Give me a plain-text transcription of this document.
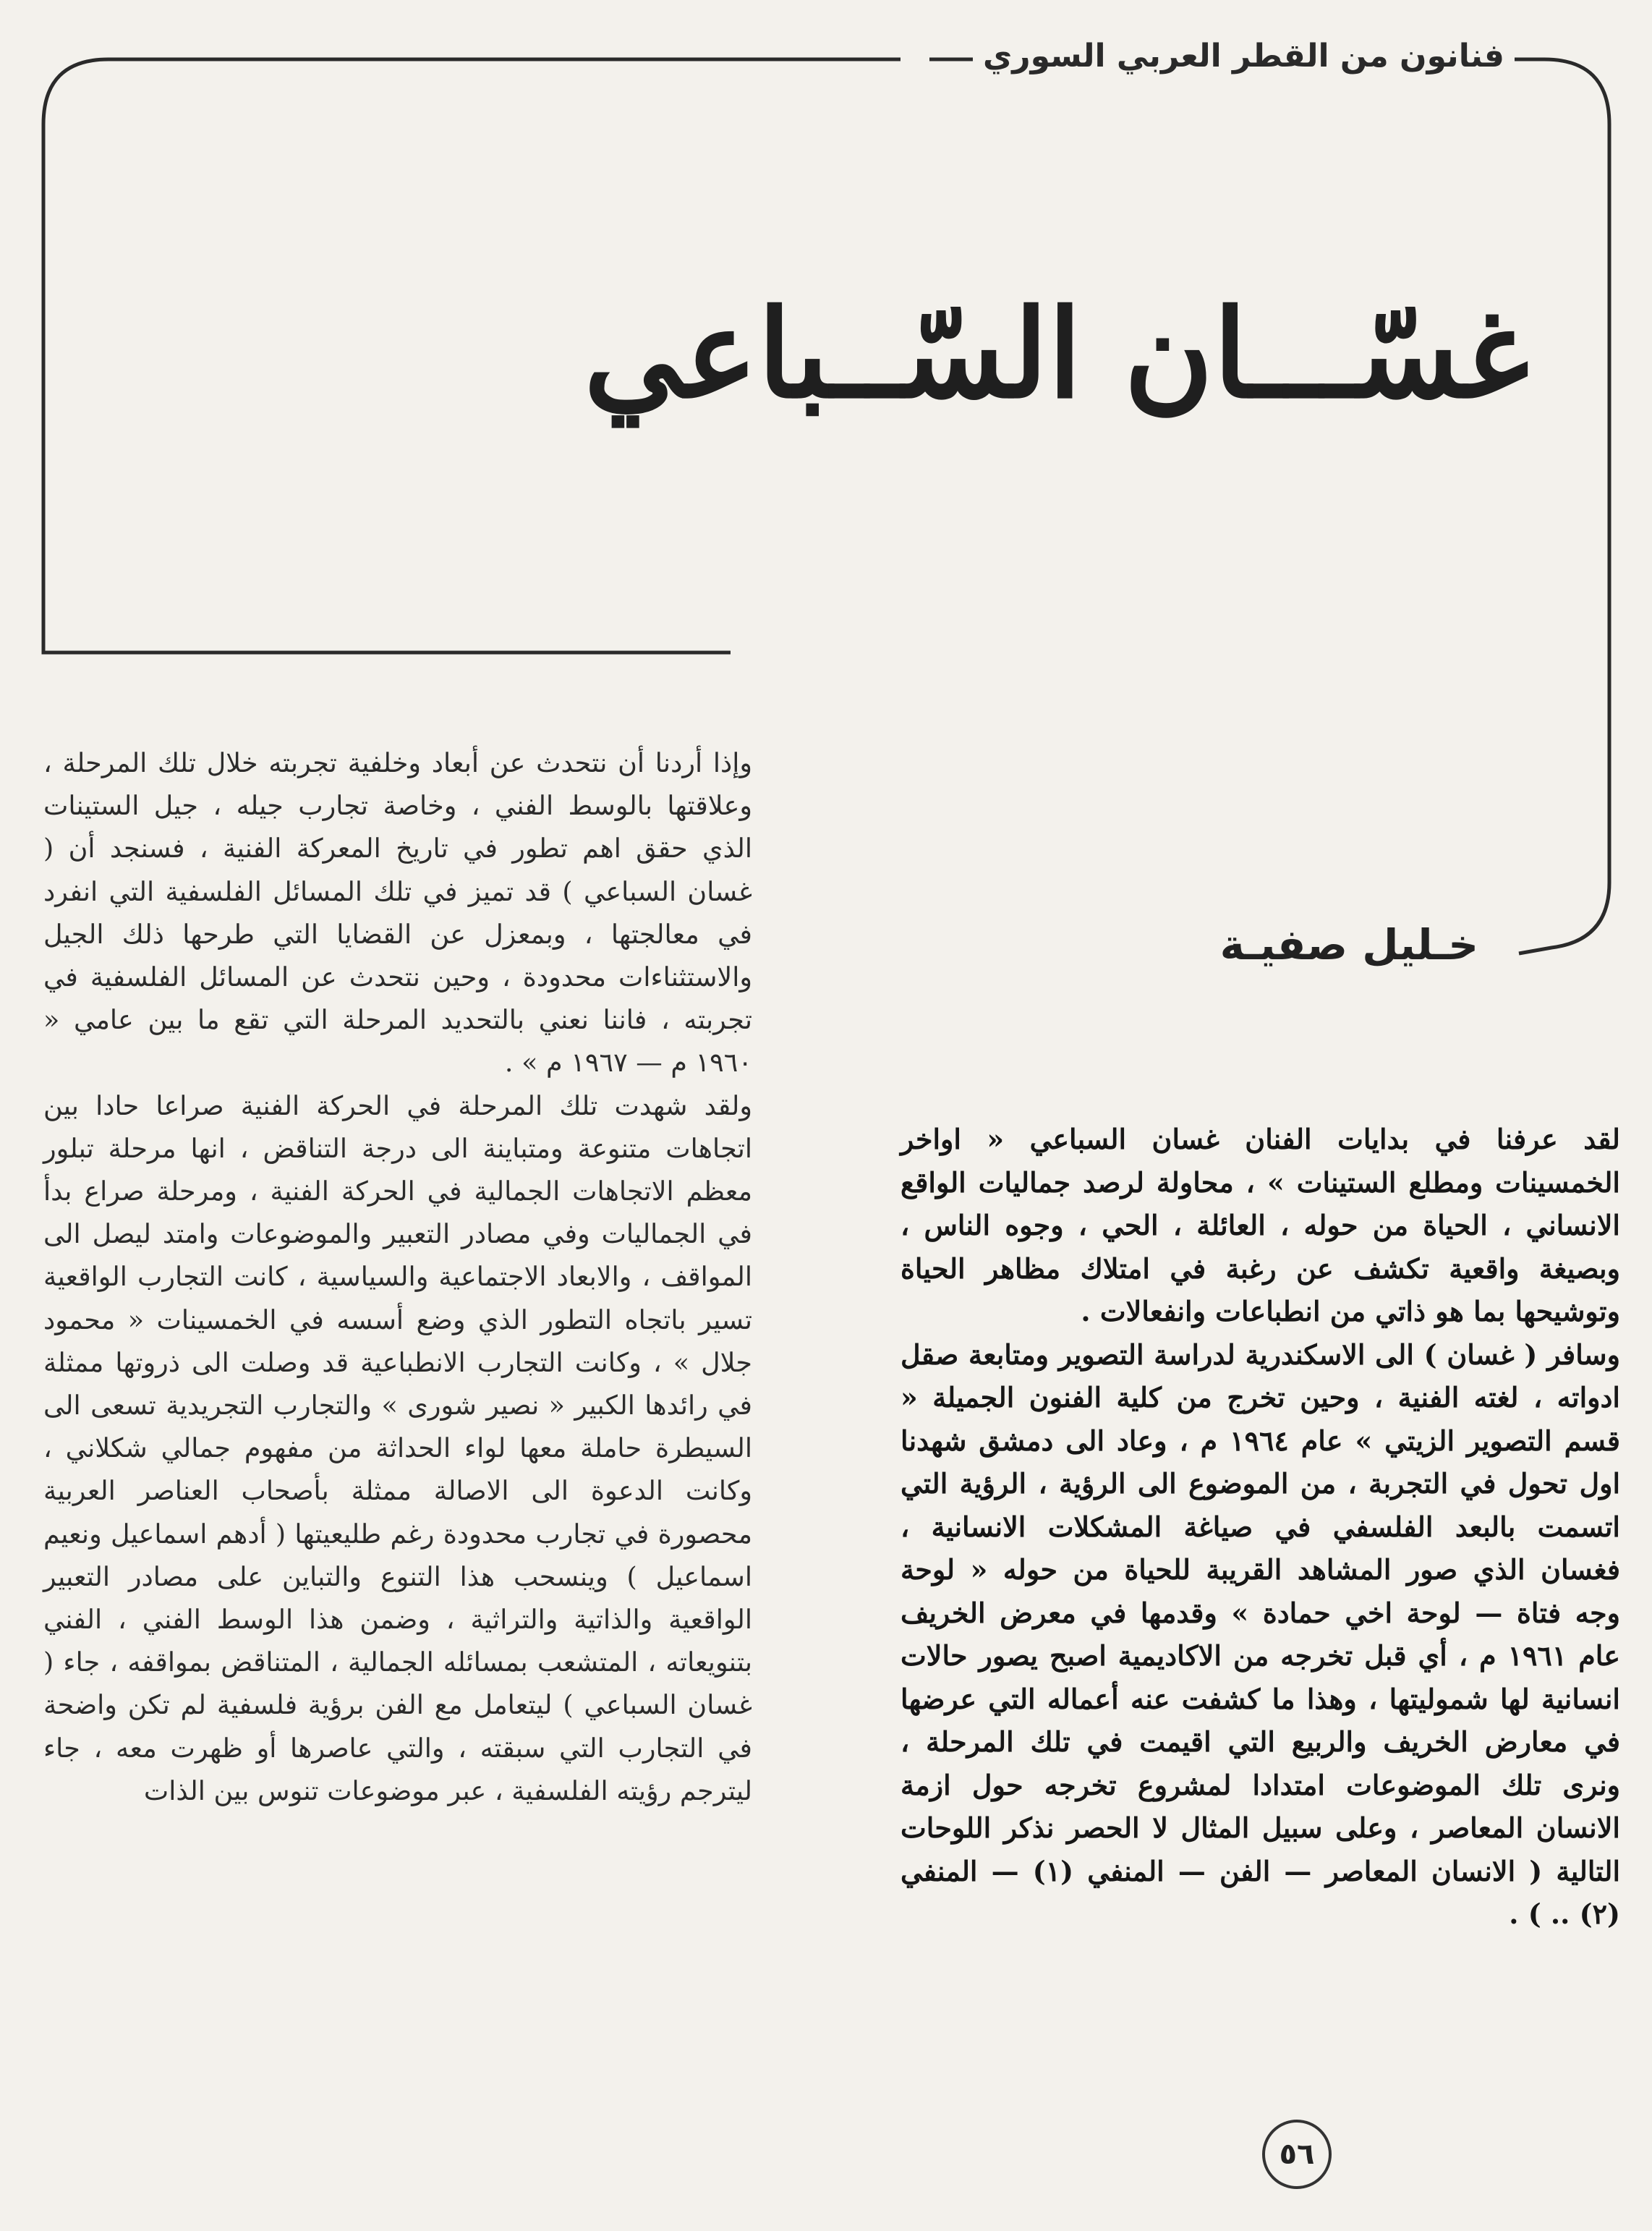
فنانون من القطر العربي السوري
غسّـــان السّــباعي
خـليل صفيـة

وإذا أردنا أن نتحدث عن أبعاد وخلفية تجربته خلال تلك المرحلة ، وعلاقتها بالوسط الفني ، وخاصة تجارب جيله ، جيل الستينات الذي حقق اهم تطور في تاريخ المعركة الفنية ، فسنجد أن ( غسان السباعي ) قد تميز في تلك المسائل الفلسفية التي انفرد في معالجتها ، وبمعزل عن القضايا التي طرحها ذلك الجيل والاستثناءات محدودة ، وحين نتحدث عن المسائل الفلسفية في تجربته ، فاننا نعني بالتحديد المرحلة التي تقع ما بين عامي « ١٩٦٠ م — ١٩٦٧ م » .

ولقد شهدت تلك المرحلة في الحركة الفنية صراعا حادا بين اتجاهات متنوعة ومتباينة الى درجة التناقض ، انها مرحلة تبلور معظم الاتجاهات الجمالية في الحركة الفنية ، ومرحلة صراع بدأ في الجماليات وفي مصادر التعبير والموضوعات وامتد ليصل الى المواقف ، والابعاد الاجتماعية والسياسية ، كانت التجارب الواقعية تسير باتجاه التطور الذي وضع أسسه في الخمسينات « محمود جلال » ، وكانت التجارب الانطباعية قد وصلت الى ذروتها ممثلة في رائدها الكبير « نصير شورى » والتجارب التجريدية تسعى الى السيطرة حاملة معها لواء الحداثة من مفهوم جمالي شكلاني ، وكانت الدعوة الى الاصالة ممثلة بأصحاب العناصر العربية محصورة في تجارب محدودة رغم طليعيتها ( أدهم اسماعيل ونعيم اسماعيل ) وينسحب هذا التنوع والتباين على مصادر التعبير الواقعية والذاتية والتراثية ، وضمن هذا الوسط الفني ، الفني بتنويعاته ، المتشعب بمسائله الجمالية ، المتناقض بمواقفه ، جاء ( غسان السباعي ) ليتعامل مع الفن برؤية فلسفية لم تكن واضحة في التجارب التي سبقته ، والتي عاصرها أو ظهرت معه ، جاء ليترجم رؤيته الفلسفية ، عبر موضوعات تنوس بين الذات

لقد عرفنا في بدايات الفنان غسان السباعي « اواخر الخمسينات ومطلع الستينات » ، محاولة لرصد جماليات الواقع الانساني ، الحياة من حوله ، العائلة ، الحي ، وجوه الناس ، وبصيغة واقعية تكشف عن رغبة في امتلاك مظاهر الحياة وتوشيحها بما هو ذاتي من انطباعات وانفعالات .

وسافر ( غسان ) الى الاسكندرية لدراسة التصوير ومتابعة صقل ادواته ، لغته الفنية ، وحين تخرج من كلية الفنون الجميلة « قسم التصوير الزيتي » عام ١٩٦٤ م ، وعاد الى دمشق شهدنا اول تحول في التجربة ، من الموضوع الى الرؤية ، الرؤية التي اتسمت بالبعد الفلسفي في صياغة المشكلات الانسانية ، فغسان الذي صور المشاهد القريبة للحياة من حوله « لوحة وجه فتاة — لوحة اخي حمادة » وقدمها في معرض الخريف عام ١٩٦١ م ، أي قبل تخرجه من الاكاديمية اصبح يصور حالات انسانية لها شموليتها ، وهذا ما كشفت عنه أعماله التي عرضها في معارض الخريف والربيع التي اقيمت في تلك المرحلة ، ونرى تلك الموضوعات امتدادا لمشروع تخرجه حول ازمة الانسان المعاصر ، وعلى سبيل المثال لا الحصر نذكر اللوحات التالية ( الانسان المعاصر — الفن — المنفي (١) — المنفي (٢) .. ) .

٥٦
